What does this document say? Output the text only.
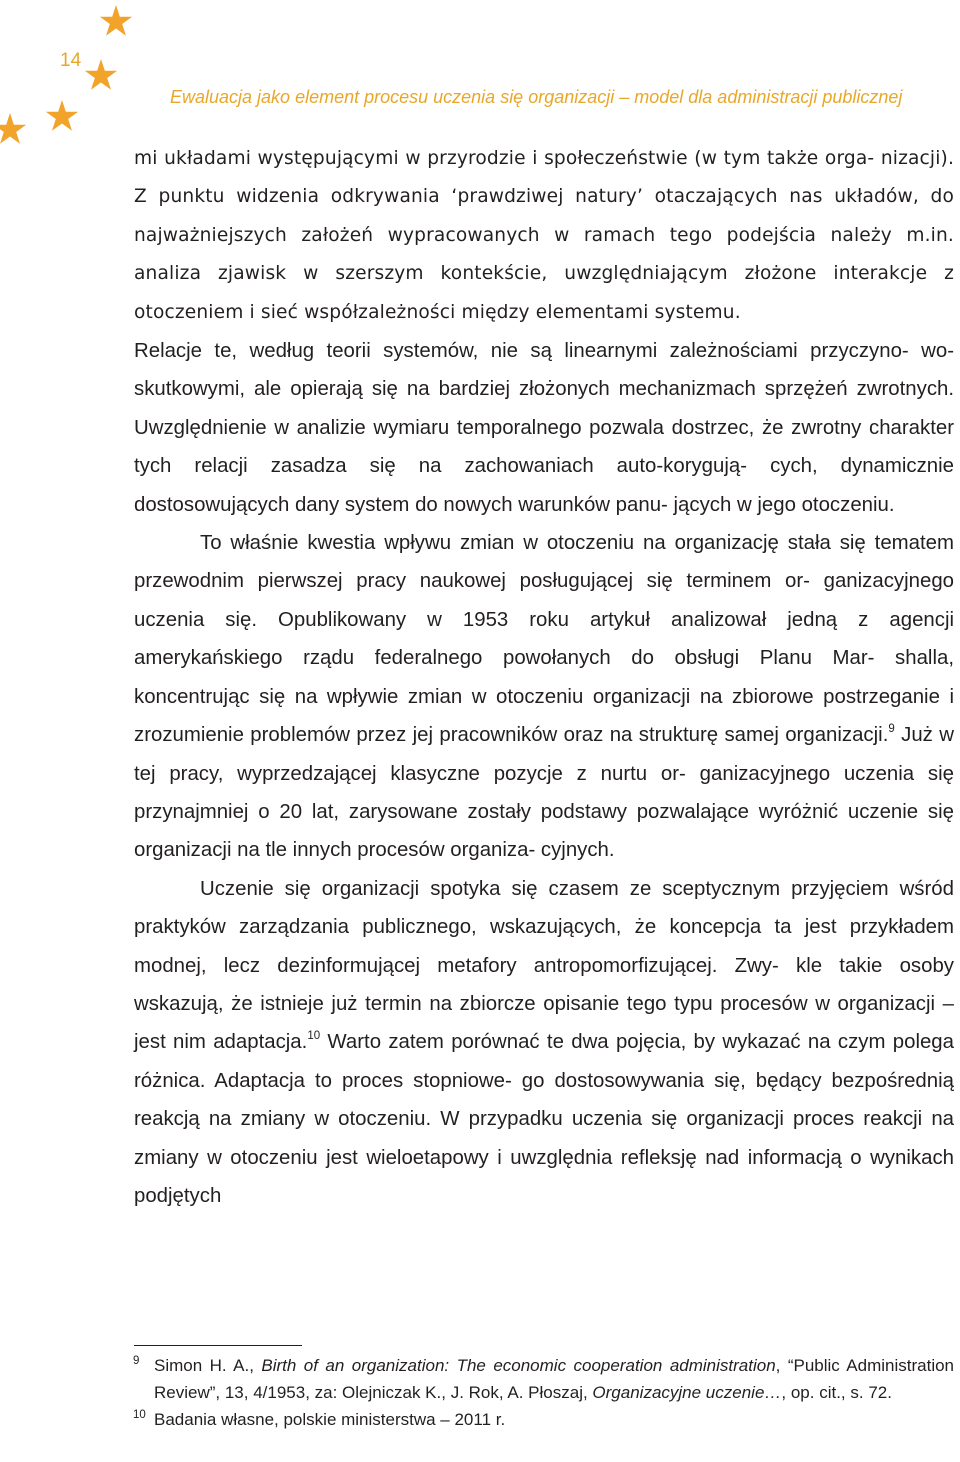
14
Ewaluacja jako element procesu uczenia się organizacji – model dla administracji publicznej

mi układami występującymi w przyrodzie i społeczeństwie (w tym także orga- nizacji). Z punktu widzenia odkrywania ‘prawdziwej natury’ otaczających nas układów, do najważniejszych założeń wypracowanych w ramach tego podejścia należy m.in. analiza zjawisk w szerszym kontekście, uwzględniającym złożone interakcje z otoczeniem i sieć współzależności między elementami systemu.

Relacje te, według teorii systemów, nie są linearnymi zależnościami przyczyno- wo-skutkowymi, ale opierają się na bardziej złożonych mechanizmach sprzężeń zwrotnych. Uwzględnienie w analizie wymiaru temporalnego pozwala dostrzec, że zwrotny charakter tych relacji zasadza się na zachowaniach auto-korygują- cych, dynamicznie dostosowujących dany system do nowych warunków panu- jących w jego otoczeniu.

To właśnie kwestia wpływu zmian w otoczeniu na organizację stała się tematem przewodnim pierwszej pracy naukowej posługującej się terminem or- ganizacyjnego uczenia się. Opublikowany w 1953 roku artykuł analizował jedną z agencji amerykańskiego rządu federalnego powołanych do obsługi Planu Mar- shalla, koncentrując się na wpływie zmian w otoczeniu organizacji na zbiorowe postrzeganie i zrozumienie problemów przez jej pracowników oraz na strukturę samej organizacji.$^9$ Już w tej pracy, wyprzedzającej klasyczne pozycje z nurtu or- ganizacyjnego uczenia się przynajmniej o 20 lat, zarysowane zostały podstawy pozwalające wyróżnić uczenie się organizacji na tle innych procesów organiza- cyjnych.

Uczenie się organizacji spotyka się czasem ze sceptycznym przyjęciem wśród praktyków zarządzania publicznego, wskazujących, że koncepcja ta jest przykładem modnej, lecz dezinformującej metafory antropomorfizującej. Zwy- kle takie osoby wskazują, że istnieje już termin na zbiorcze opisanie tego typu procesów w organizacji – jest nim adaptacja.$^{10}$ Warto zatem porównać te dwa pojęcia, by wykazać na czym polega różnica. Adaptacja to proces stopniowe- go dostosowywania się, będący bezpośrednią reakcją na zmiany w otoczeniu. W przypadku uczenia się organizacji proces reakcji na zmiany w otoczeniu jest wieloetapowy i uwzględnia refleksję nad informacją o wynikach podjętych

9 Simon H. A., Birth of an organization: The economic cooperation administration, “Public Administration Review”, 13, 4/1953, za: Olejniczak K., J. Rok, A. Płoszaj, Organizacyjne uczenie…, op. cit., s. 72.

10 Badania własne, polskie ministerstwa – 2011 r.
